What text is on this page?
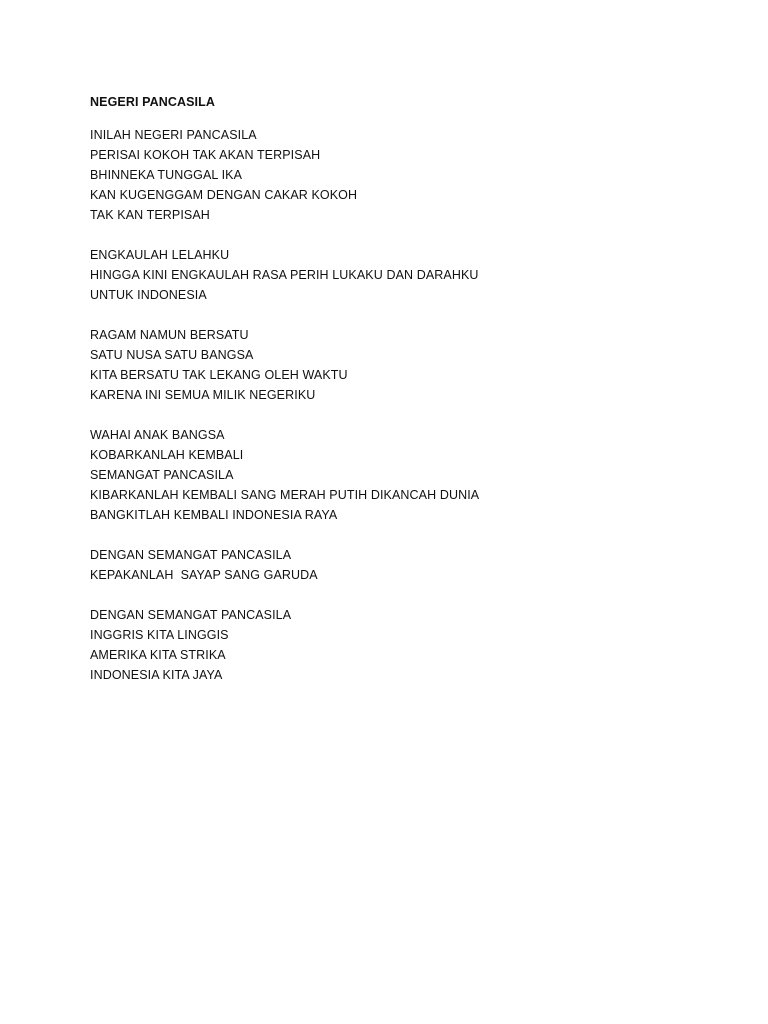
NEGERI PANCASILA
INILAH NEGERI PANCASILA
PERISAI KOKOH TAK AKAN TERPISAH
BHINNEKA TUNGGAL IKA
KAN KUGENGGAM DENGAN CAKAR KOKOH
TAK KAN TERPISAH
ENGKAULAH LELAHKU
HINGGA KINI ENGKAULAH RASA PERIH LUKAKU DAN DARAHKU
UNTUK INDONESIA
RAGAM NAMUN BERSATU
SATU NUSA SATU BANGSA
KITA BERSATU TAK LEKANG OLEH WAKTU
KARENA INI SEMUA MILIK NEGERIKU
WAHAI ANAK BANGSA
KOBARKANLAH KEMBALI
SEMANGAT PANCASILA
KIBARKANLAH KEMBALI SANG MERAH PUTIH DIKANCAH DUNIA
BANGKITLAH KEMBALI INDONESIA RAYA
DENGAN SEMANGAT PANCASILA
KEPAKANLAH  SAYAP SANG GARUDA
DENGAN SEMANGAT PANCASILA
INGGRIS KITA LINGGIS
AMERIKA KITA STRIKA
INDONESIA KITA JAYA
